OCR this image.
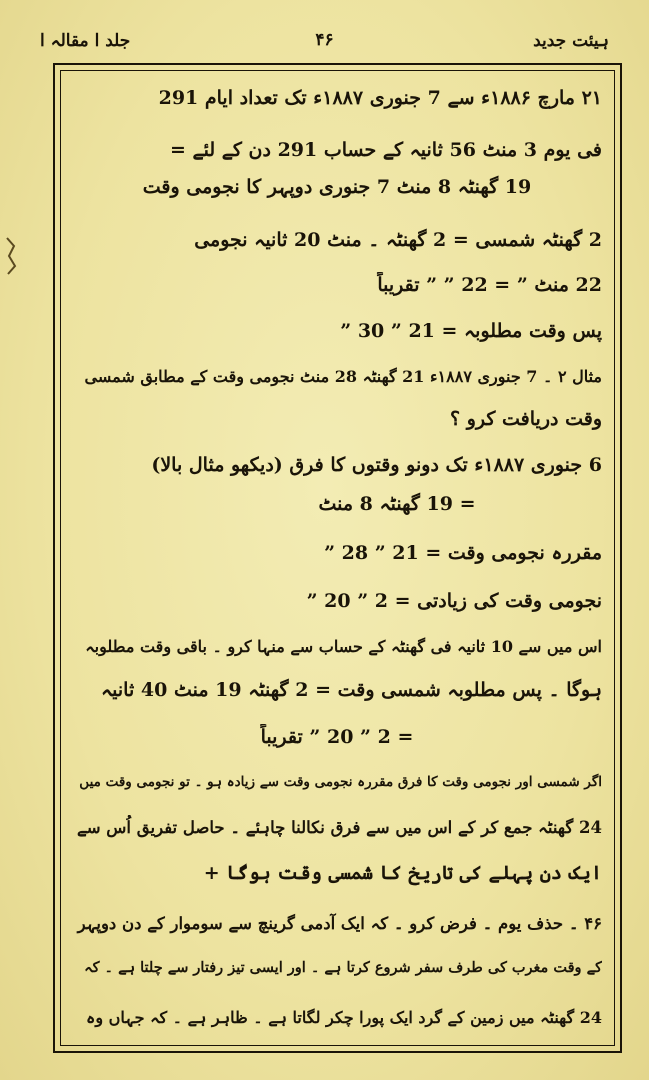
ہیئت جدید
۴۶
جلد ا مقالہ ا
۲۱ مارچ ۱۸۸۶ء سے 7 جنوری ۱۸۸۷ء تک تعداد ایام 291
فی یوم 3 منٹ 56 ثانیہ کے حساب 291 دن کے لئے =
19 گھنٹہ 8 منٹ 7 جنوری دوپہر کا نجومی وقت
2 گھنٹہ شمسی = 2 گھنٹہ ۔ منٹ 20 ثانیہ نجومی
22 منٹ ” = 22 ” ” تقریباً
پس وقت مطلوبہ = 21 ” 30 ”
مثال ۲ ۔ 7 جنوری ۱۸۸۷ء 21 گھنٹہ 28 منٹ نجومی وقت کے مطابق شمسی
وقت دریافت کرو ؟
6 جنوری ۱۸۸۷ء تک دونو وقتوں کا فرق (دیکھو مثال بالا)
= 19 گھنٹہ 8 منٹ
مقررہ نجومی وقت = 21 ” 28 ”
نجومی وقت کی زیادتی = 2 ” 20 ”
اس میں سے 10 ثانیہ فی گھنٹہ کے حساب سے منہا کرو ۔ باقی وقت مطلوبہ
ہوگا ۔ پس مطلوبہ شمسی وقت = 2 گھنٹہ 19 منٹ 40 ثانیہ
= 2 ” 20 ” تقریباً
اگر شمسی اور نجومی وقت کا فرق مقررہ نجومی وقت سے زیادہ ہو ۔ تو نجومی وقت میں
24 گھنٹہ جمع کر کے اس میں سے فرق نکالنا چاہئے ۔ حاصل تفریق اُس سے
ایک دن پہلے کی تاریخ کا شمسی وقت ہوگا +
۴۶ ۔ حذف یوم ۔ فرض کرو ۔ کہ ایک آدمی گرینچ سے سوموار کے دن دوپہر
کے وقت مغرب کی طرف سفر شروع کرتا ہے ۔ اور ایسی تیز رفتار سے چلتا ہے ۔ کہ
24 گھنٹہ میں زمین کے گرد ایک پورا چکر لگاتا ہے ۔ ظاہر ہے ۔ کہ جہاں وہ
